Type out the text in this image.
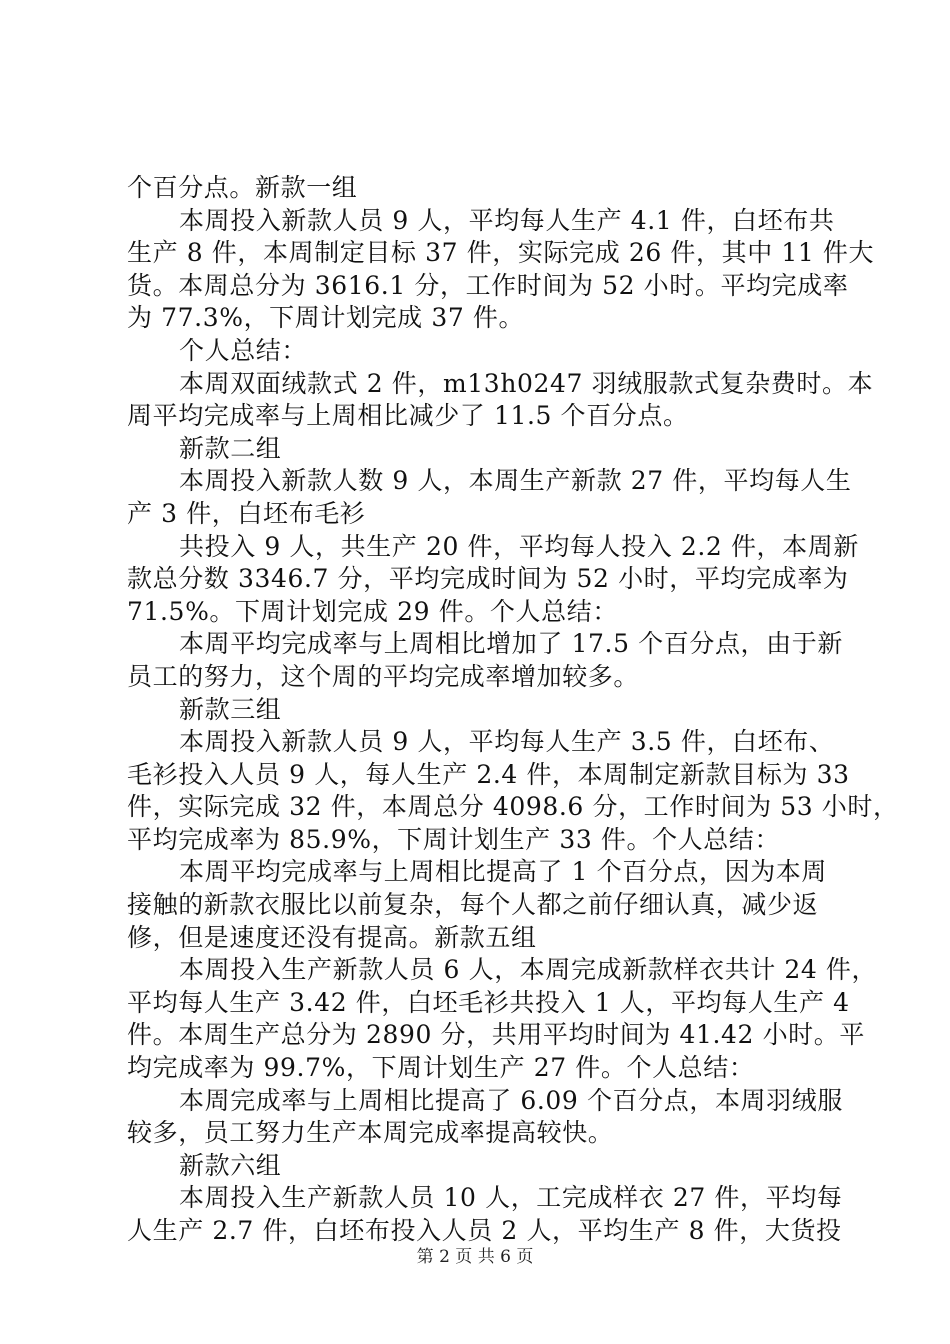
个百分点。新款一组
本周投入新款人员 9 人，平均每人生产 4.1 件，白坯布共
生产 8 件，本周制定目标 37 件，实际完成 26 件，其中 11 件大
货。本周总分为 3616.1 分，工作时间为 52 小时。平均完成率
为 77.3%，下周计划完成 37 件。
个人总结：
本周双面绒款式 2 件，m13h0247 羽绒服款式复杂费时。本
周平均完成率与上周相比减少了 11.5 个百分点。
新款二组
本周投入新款人数 9 人，本周生产新款 27 件，平均每人生
产 3 件，白坯布毛衫
共投入 9 人，共生产 20 件，平均每人投入 2.2 件，本周新
款总分数 3346.7 分，平均完成时间为 52 小时，平均完成率为
71.5%。下周计划完成 29 件。个人总结：
本周平均完成率与上周相比增加了 17.5 个百分点，由于新
员工的努力，这个周的平均完成率增加较多。
新款三组
本周投入新款人员 9 人，平均每人生产 3.5 件，白坯布、
毛衫投入人员 9 人，每人生产 2.4 件，本周制定新款目标为 33
件，实际完成 32 件，本周总分 4098.6 分，工作时间为 53 小时，
平均完成率为 85.9%，下周计划生产 33 件。个人总结：
本周平均完成率与上周相比提高了 1 个百分点，因为本周
接触的新款衣服比以前复杂，每个人都之前仔细认真，减少返
修，但是速度还没有提高。新款五组
本周投入生产新款人员 6 人，本周完成新款样衣共计 24 件，
平均每人生产 3.42 件，白坯毛衫共投入 1 人，平均每人生产 4
件。本周生产总分为 2890 分，共用平均时间为 41.42 小时。平
均完成率为 99.7%，下周计划生产 27 件。个人总结：
本周完成率与上周相比提高了 6.09 个百分点，本周羽绒服
较多，员工努力生产本周完成率提高较快。
新款六组
本周投入生产新款人员 10 人，工完成样衣 27 件，平均每
人生产 2.7 件，白坯布投入人员 2 人，平均生产 8 件，大货投
第 2 页 共 6 页
